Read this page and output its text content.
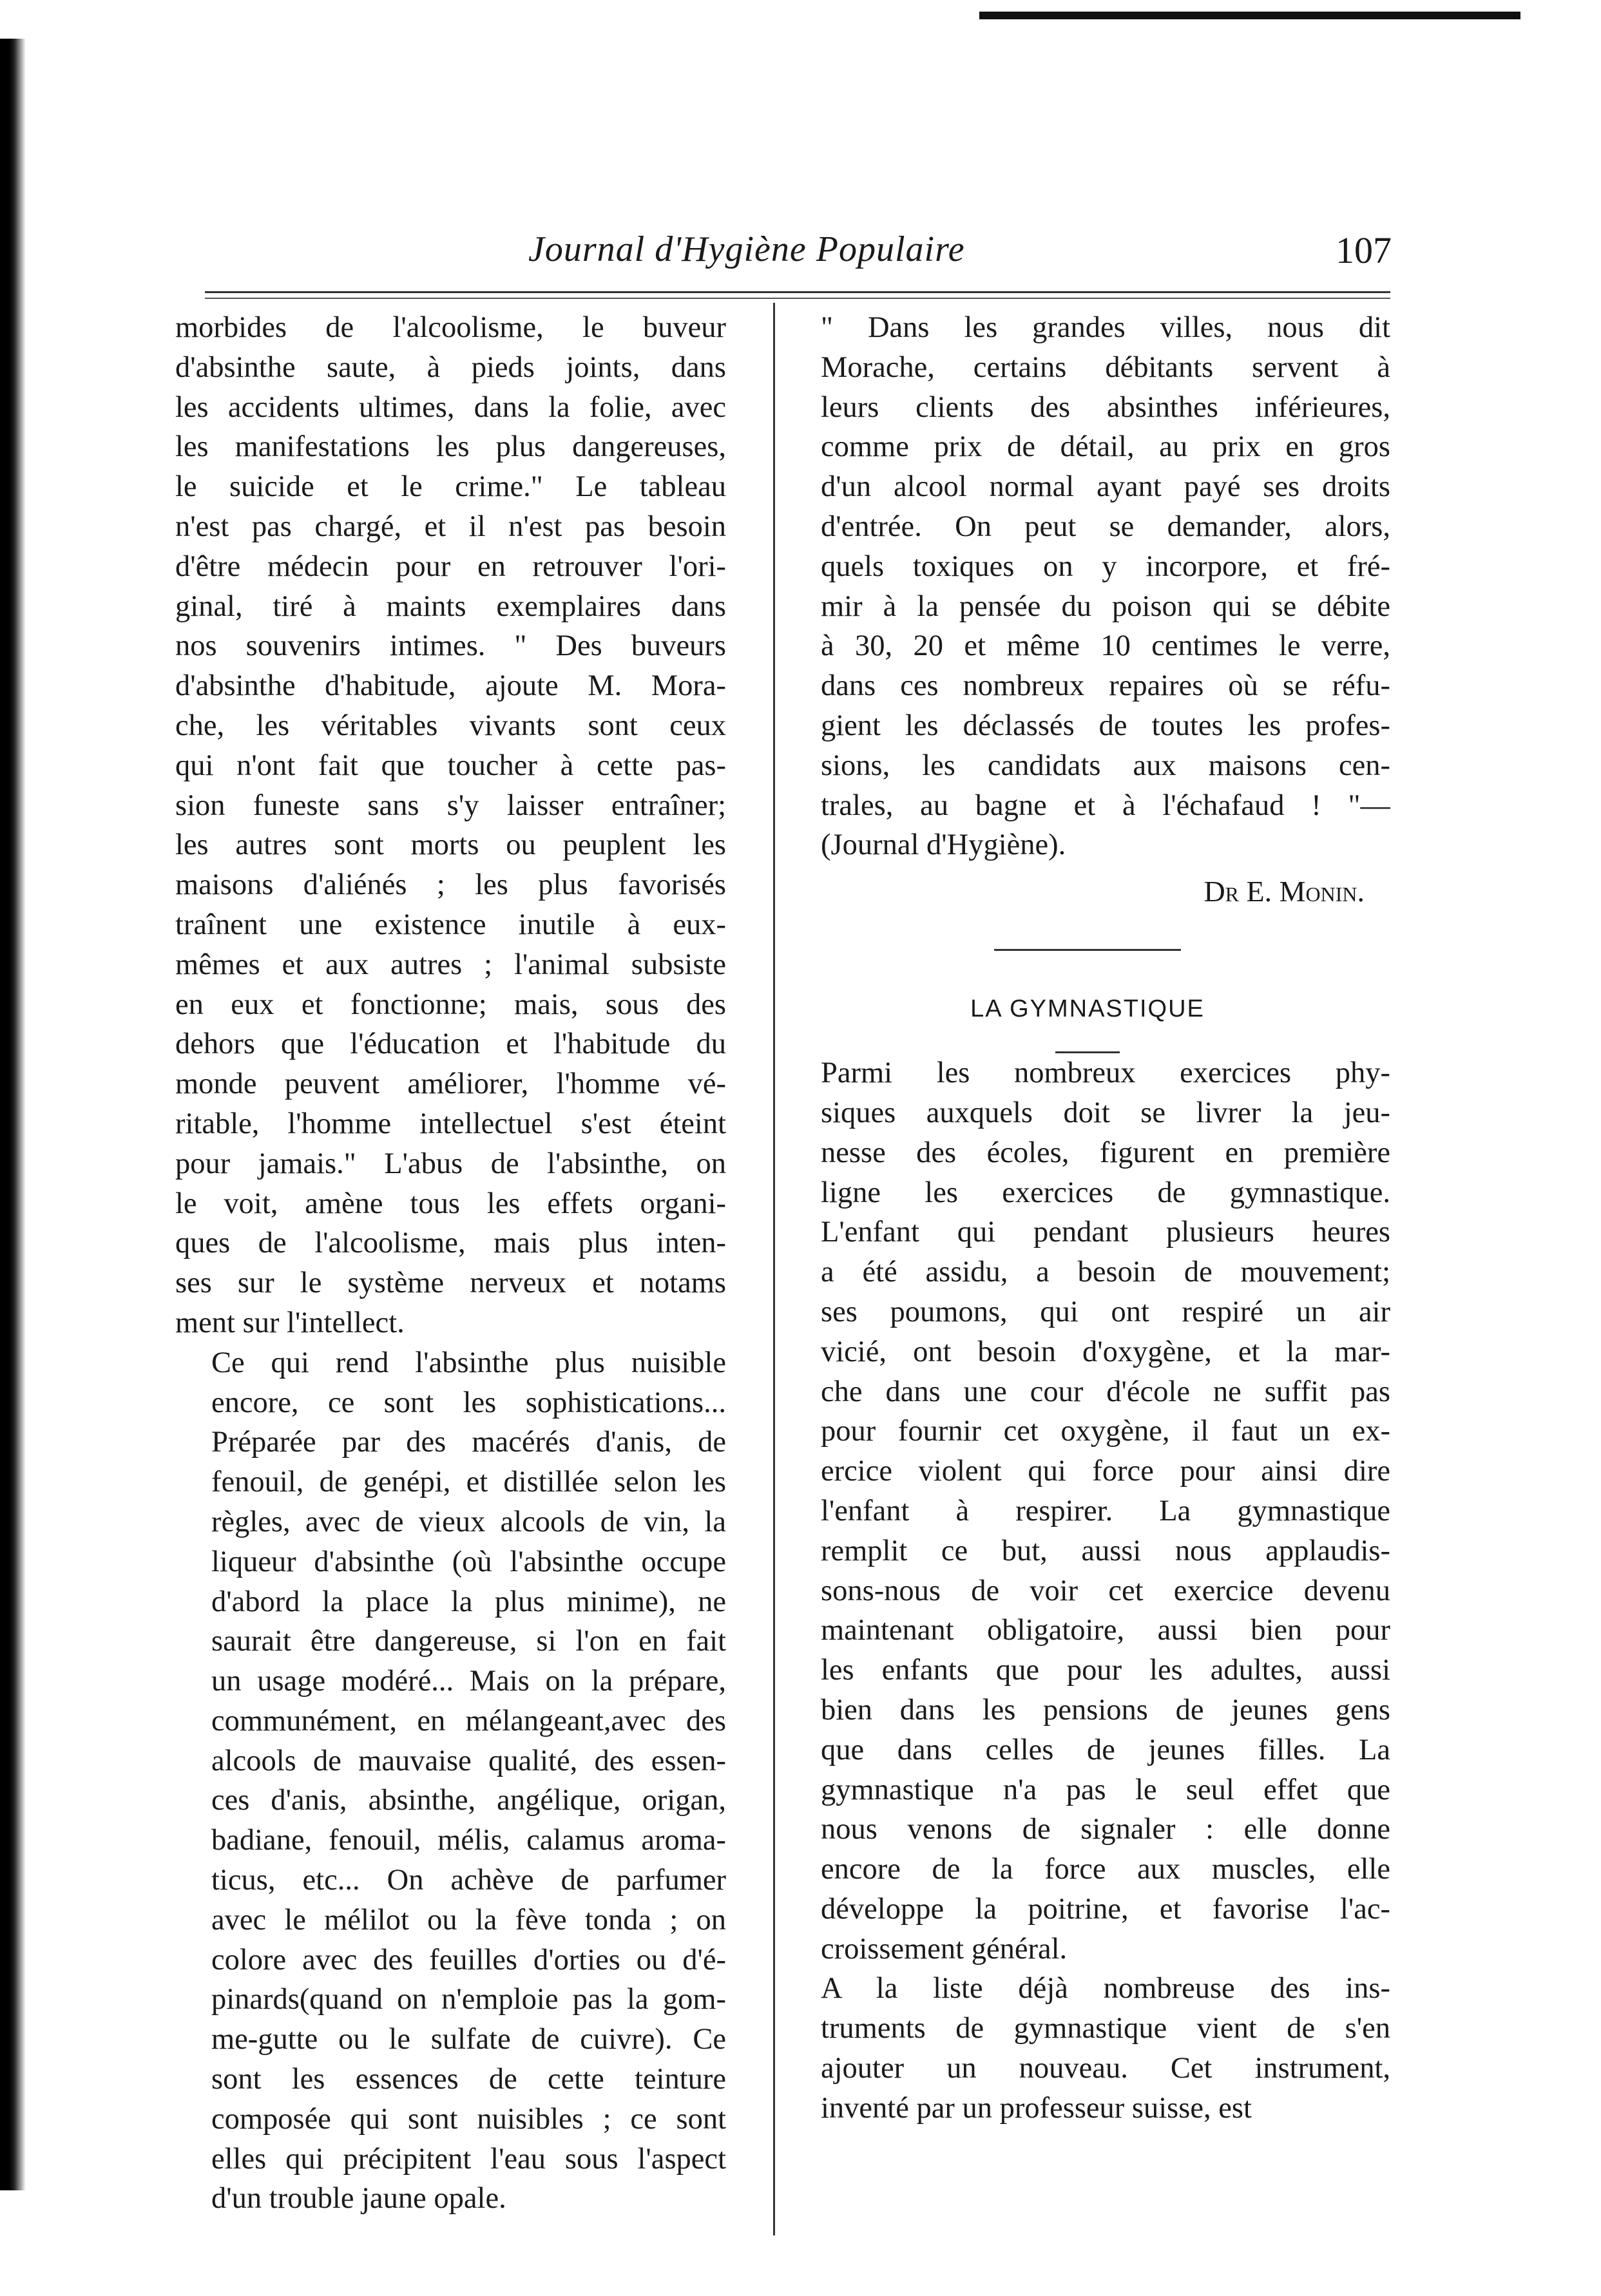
Journal d'Hygiène Populaire	107

morbides de l'alcoolisme, le buveur
d'absinthe saute, à pieds joints, dans
les accidents ultimes, dans la folie, avec
les manifestations les plus dangereuses,
le suicide et le crime." Le tableau
n'est pas chargé, et il n'est pas besoin
d'être médecin pour en retrouver l'ori-
ginal, tiré à maints exemplaires dans
nos souvenirs intimes. " Des buveurs
d'absinthe d'habitude, ajoute M. Mora-
che, les véritables vivants sont ceux
qui n'ont fait que toucher à cette pas-
sion funeste sans s'y laisser entraîner;
les autres sont morts ou peuplent les
maisons d'aliénés ; les plus favorisés
traînent une existence inutile à eux-
mêmes et aux autres ; l'animal subsiste
en eux et fonctionne; mais, sous des
dehors que l'éducation et l'habitude du
monde peuvent améliorer, l'homme vé-
ritable, l'homme intellectuel s'est éteint
pour jamais." L'abus de l'absinthe, on
le voit, amène tous les effets organi-
ques de l'alcoolisme, mais plus inten-
ses sur le système nerveux et notams
ment sur l'intellect.

Ce qui rend l'absinthe plus nuisible
encore, ce sont les sophistications...
Préparée par des macérés d'anis, de
fenouil, de genépi, et distillée selon les
règles, avec de vieux alcools de vin, la
liqueur d'absinthe (où l'absinthe occupe
d'abord la place la plus minime), ne
saurait être dangereuse, si l'on en fait
un usage modéré... Mais on la prépare,
communément, en mélangeant,avec des
alcools de mauvaise qualité, des essen-
ces d'anis, absinthe, angélique, origan,
badiane, fenouil, mélis, calamus aroma-
ticus, etc... On achève de parfumer
avec le mélilot ou la fève tonda ; on
colore avec des feuilles d'orties ou d'é-
pinards(quand on n'emploie pas la gom-
me-gutte ou le sulfate de cuivre). Ce
sont les essences de cette teinture
composée qui sont nuisibles ; ce sont
elles qui précipitent l'eau sous l'aspect
d'un trouble jaune opale.

" Dans les grandes villes, nous dit
Morache, certains débitants servent à
leurs clients des absinthes inférieures,
comme prix de détail, au prix en gros
d'un alcool normal ayant payé ses droits
d'entrée. On peut se demander, alors,
quels toxiques on y incorpore, et fré-
mir à la pensée du poison qui se débite
à 30, 20 et même 10 centimes le verre,
dans ces nombreux repaires où se réfu-
gient les déclassés de toutes les profes-
sions, les candidats aux maisons cen-
trales, au bagne et à l'échafaud ! "—
(Journal d'Hygiène).

Dr E. Monin.
LA GYMNASTIQUE

Parmi les nombreux exercices phy-
siques auxquels doit se livrer la jeu-
nesse des écoles, figurent en première
ligne les exercices de gymnastique.
L'enfant qui pendant plusieurs heures
a été assidu, a besoin de mouvement;
ses poumons, qui ont respiré un air
vicié, ont besoin d'oxygène, et la mar-
che dans une cour d'école ne suffit pas
pour fournir cet oxygène, il faut un ex-
ercice violent qui force pour ainsi dire
l'enfant à respirer. La gymnastique
remplit ce but, aussi nous applaudis-
sons-nous de voir cet exercice devenu
maintenant obligatoire, aussi bien pour
les enfants que pour les adultes, aussi
bien dans les pensions de jeunes gens
que dans celles de jeunes filles. La
gymnastique n'a pas le seul effet que
nous venons de signaler : elle donne
encore de la force aux muscles, elle
développe la poitrine, et favorise l'ac-
croissement général.

A la liste déjà nombreuse des ins-
truments de gymnastique vient de s'en
ajouter un nouveau. Cet instrument,
inventé par un professeur suisse, est
